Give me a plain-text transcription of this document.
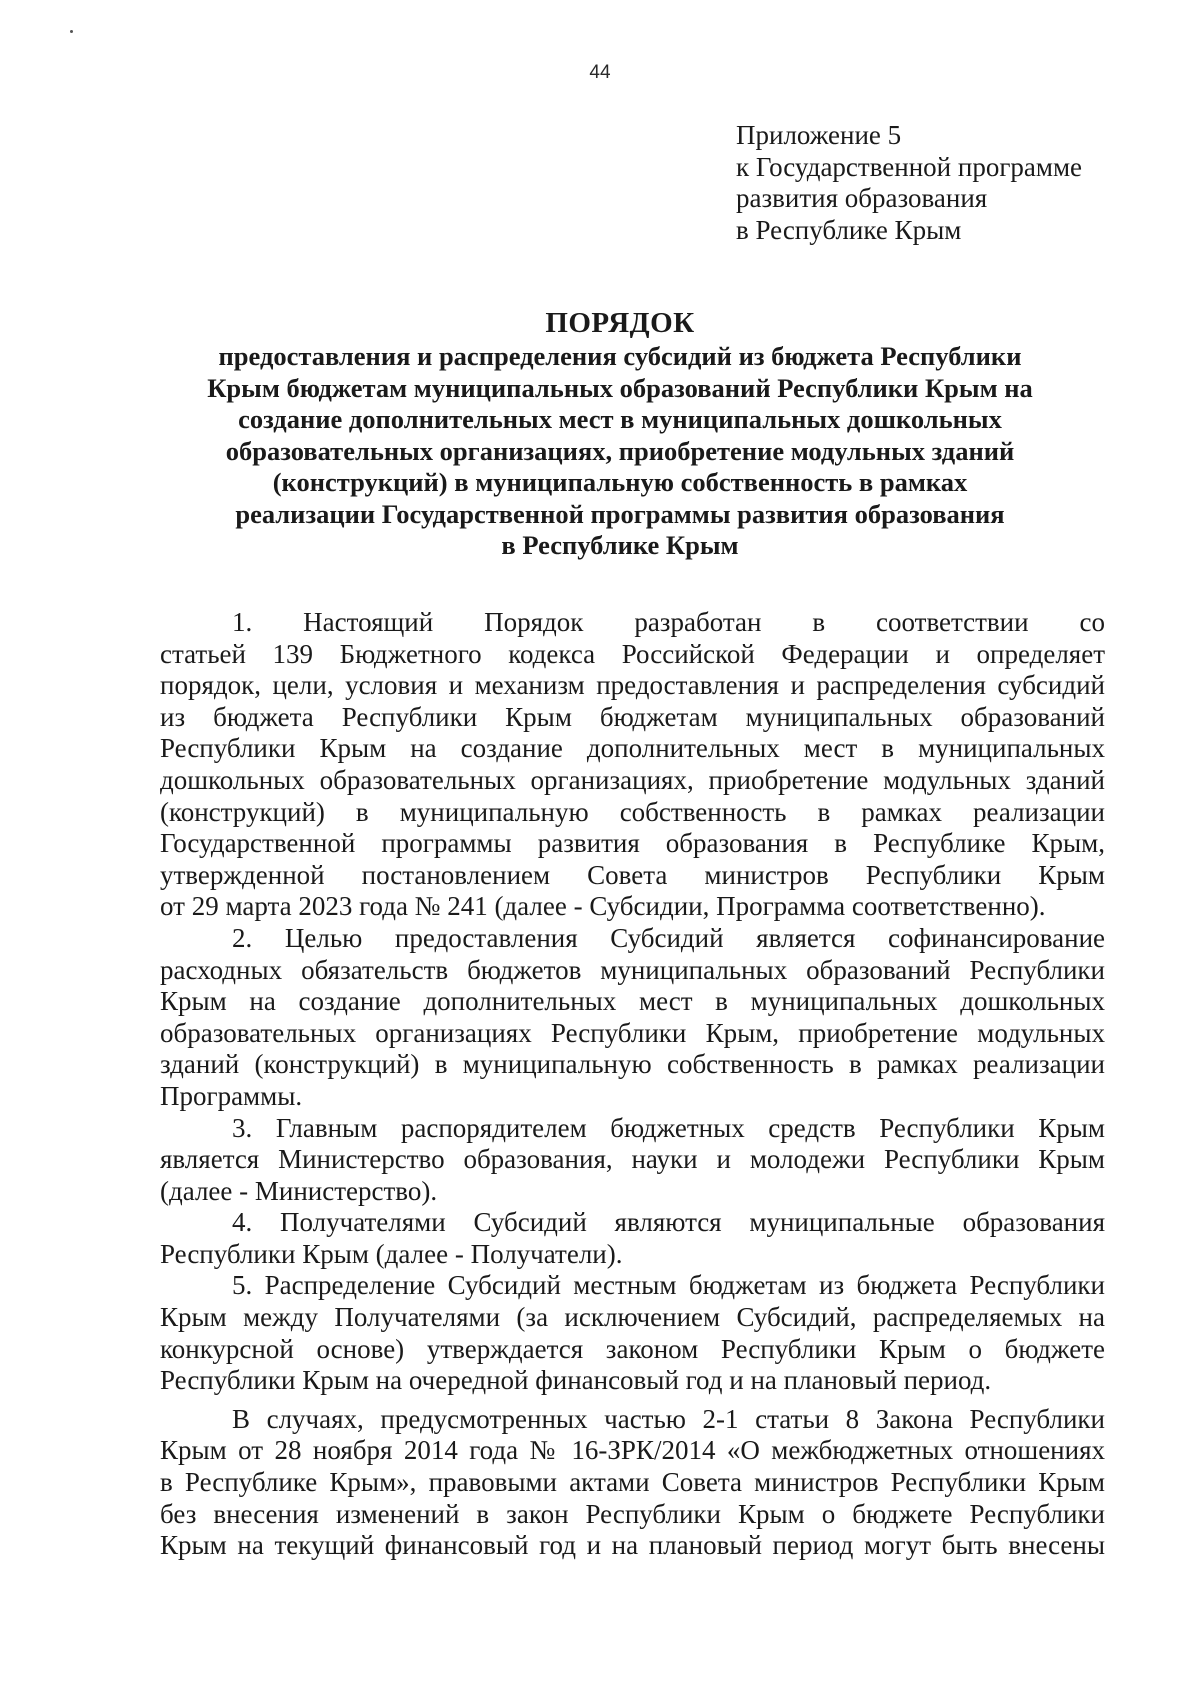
44
Приложение 5
к Государственной программе
развития образования
в Республике Крым
ПОРЯДОК
предоставления и распределения субсидий из бюджета Республики
Крым бюджетам муниципальных образований Республики Крым на
создание дополнительных мест в муниципальных дошкольных
образовательных организациях, приобретение модульных зданий
(конструкций) в муниципальную собственность в рамках
реализации Государственной программы развития образования
в Республике Крым
1. Настоящий Порядок разработан в соответствии со
статьей 139 Бюджетного кодекса Российской Федерации и определяет
порядок, цели, условия и механизм предоставления и распределения субсидий
из бюджета Республики Крым бюджетам муниципальных образований
Республики Крым на создание дополнительных мест в муниципальных
дошкольных образовательных организациях, приобретение модульных зданий
(конструкций) в муниципальную собственность в рамках реализации
Государственной программы развития образования в Республике Крым,
утвержденной постановлением Совета министров Республики Крым
от 29 марта 2023 года № 241 (далее - Субсидии, Программа соответственно).
2. Целью предоставления Субсидий является софинансирование
расходных обязательств бюджетов муниципальных образований Республики
Крым на создание дополнительных мест в муниципальных дошкольных
образовательных организациях Республики Крым, приобретение модульных
зданий (конструкций) в муниципальную собственность в рамках реализации
Программы.
3. Главным распорядителем бюджетных средств Республики Крым
является Министерство образования, науки и молодежи Республики Крым
(далее - Министерство).
4. Получателями Субсидий являются муниципальные образования
Республики Крым (далее - Получатели).
5. Распределение Субсидий местным бюджетам из бюджета Республики
Крым между Получателями (за исключением Субсидий, распределяемых на
конкурсной основе) утверждается законом Республики Крым о бюджете
Республики Крым на очередной финансовый год и на плановый период.
В случаях, предусмотренных частью 2-1 статьи 8 Закона Республики
Крым от 28 ноября 2014 года № 16-ЗРК/2014 «О межбюджетных отношениях
в Республике Крым», правовыми актами Совета министров Республики Крым
без внесения изменений в закон Республики Крым о бюджете Республики
Крым на текущий финансовый год и на плановый период могут быть внесены
